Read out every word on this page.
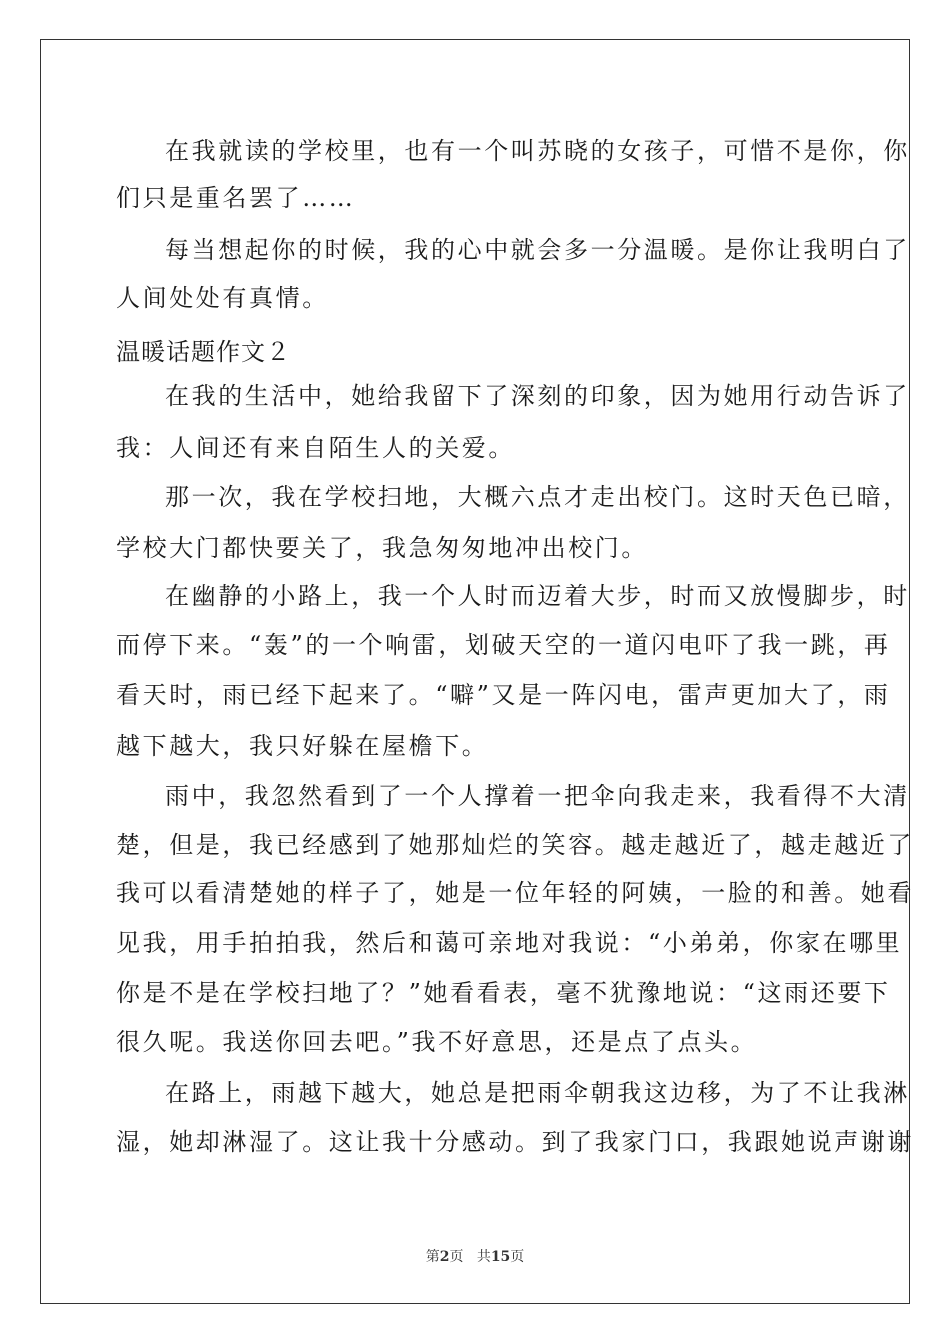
在我就读的学校里，也有一个叫苏晓的女孩子，可惜不是你，你

们只是重名罢了……

每当想起你的时候，我的心中就会多一分温暖。是你让我明白了

人间处处有真情。

温暖话题作文２

在我的生活中，她给我留下了深刻的印象，因为她用行动告诉了

我：人间还有来自陌生人的关爱。

那一次，我在学校扫地，大概六点才走出校门。这时天色已暗，

学校大门都快要关了，我急匆匆地冲出校门。

在幽静的小路上，我一个人时而迈着大步，时而又放慢脚步，时

而停下来。“轰”的一个响雷，划破天空的一道闪电吓了我一跳，再

看天时，雨已经下起来了。“噼”又是一阵闪电，雷声更加大了，雨

越下越大，我只好躲在屋檐下。

雨中，我忽然看到了一个人撑着一把伞向我走来，我看得不大清

楚，但是，我已经感到了她那灿烂的笑容。越走越近了，越走越近了

我可以看清楚她的样子了，她是一位年轻的阿姨，一脸的和善。她看

见我，用手拍拍我，然后和蔼可亲地对我说：“小弟弟，你家在哪里

你是不是在学校扫地了？”她看看表，毫不犹豫地说：“这雨还要下

很久呢。我送你回去吧。”我不好意思，还是点了点头。

在路上，雨越下越大，她总是把雨伞朝我这边移，为了不让我淋

湿，她却淋湿了。这让我十分感动。到了我家门口，我跟她说声谢谢

第2页 共15页
